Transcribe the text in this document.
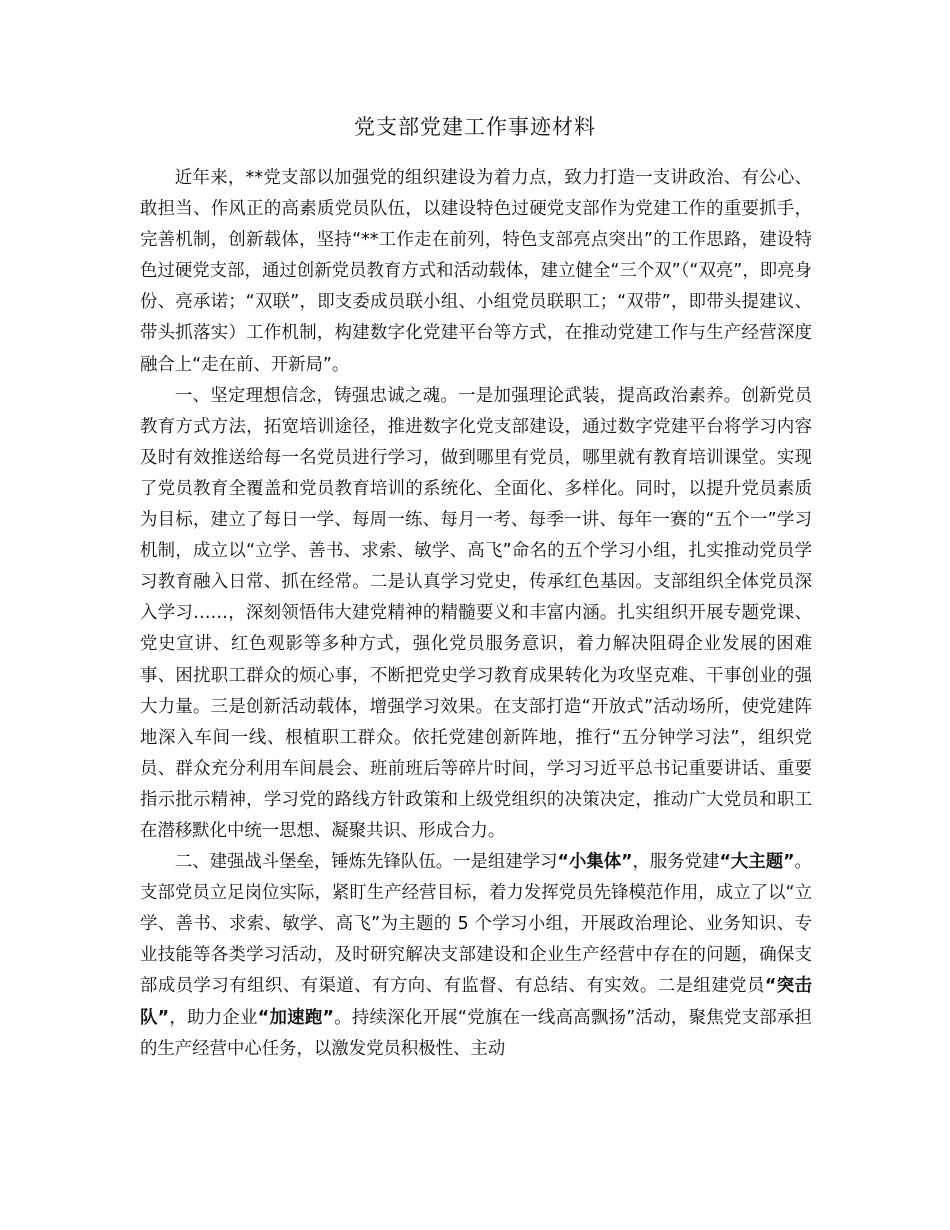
党支部党建工作事迹材料

近年来，**党支部以加强党的组织建设为着力点，致力打造一支讲政治、有公心、敢担当、作风正的高素质党员队伍，以建设特色过硬党支部作为党建工作的重要抓手，完善机制，创新载体，坚持“**工作走在前列，特色支部亮点突出”的工作思路，建设特色过硬党支部，通过创新党员教育方式和活动载体，建立健全“三个双”（“双亮”，即亮身份、亮承诺；“双联”，即支委成员联小组、小组党员联职工；“双带”，即带头提建议、带头抓落实）工作机制，构建数字化党建平台等方式，在推动党建工作与生产经营深度融合上“走在前、开新局”。

一、坚定理想信念，铸强忠诚之魂。一是加强理论武装，提高政治素养。创新党员教育方式方法，拓宽培训途径，推进数字化党支部建设，通过数字党建平台将学习内容及时有效推送给每一名党员进行学习，做到哪里有党员，哪里就有教育培训课堂。实现了党员教育全覆盖和党员教育培训的系统化、全面化、多样化。同时，以提升党员素质为目标，建立了每日一学、每周一练、每月一考、每季一讲、每年一赛的“五个一”学习机制，成立以“立学、善书、求索、敏学、高飞”命名的五个学习小组，扎实推动党员学习教育融入日常、抓在经常。二是认真学习党史，传承红色基因。支部组织全体党员深入学习……，深刻领悟伟大建党精神的精髓要义和丰富内涵。扎实组织开展专题党课、党史宣讲、红色观影等多种方式，强化党员服务意识，着力解决阻碍企业发展的困难事、困扰职工群众的烦心事，不断把党史学习教育成果转化为攻坚克难、干事创业的强大力量。三是创新活动载体，增强学习效果。在支部打造“开放式”活动场所，使党建阵地深入车间一线、根植职工群众。依托党建创新阵地，推行“五分钟学习法”，组织党员、群众充分利用车间晨会、班前班后等碎片时间，学习习近平总书记重要讲话、重要指示批示精神，学习党的路线方针政策和上级党组织的决策决定，推动广大党员和职工在潜移默化中统一思想、凝聚共识、形成合力。

二、建强战斗堡垒，锤炼先锋队伍。一是组建学习“小集体”，服务党建“大主题”。支部党员立足岗位实际，紧盯生产经营目标，着力发挥党员先锋模范作用，成立了以“立学、善书、求索、敏学、高飞”为主题的 5 个学习小组，开展政治理论、业务知识、专业技能等各类学习活动，及时研究解决支部建设和企业生产经营中存在的问题，确保支部成员学习有组织、有渠道、有方向、有监督、有总结、有实效。二是组建党员“突击队”，助力企业“加速跑”。持续深化开展“党旗在一线高高飘扬”活动，聚焦党支部承担的生产经营中心任务，以激发党员积极性、主动
